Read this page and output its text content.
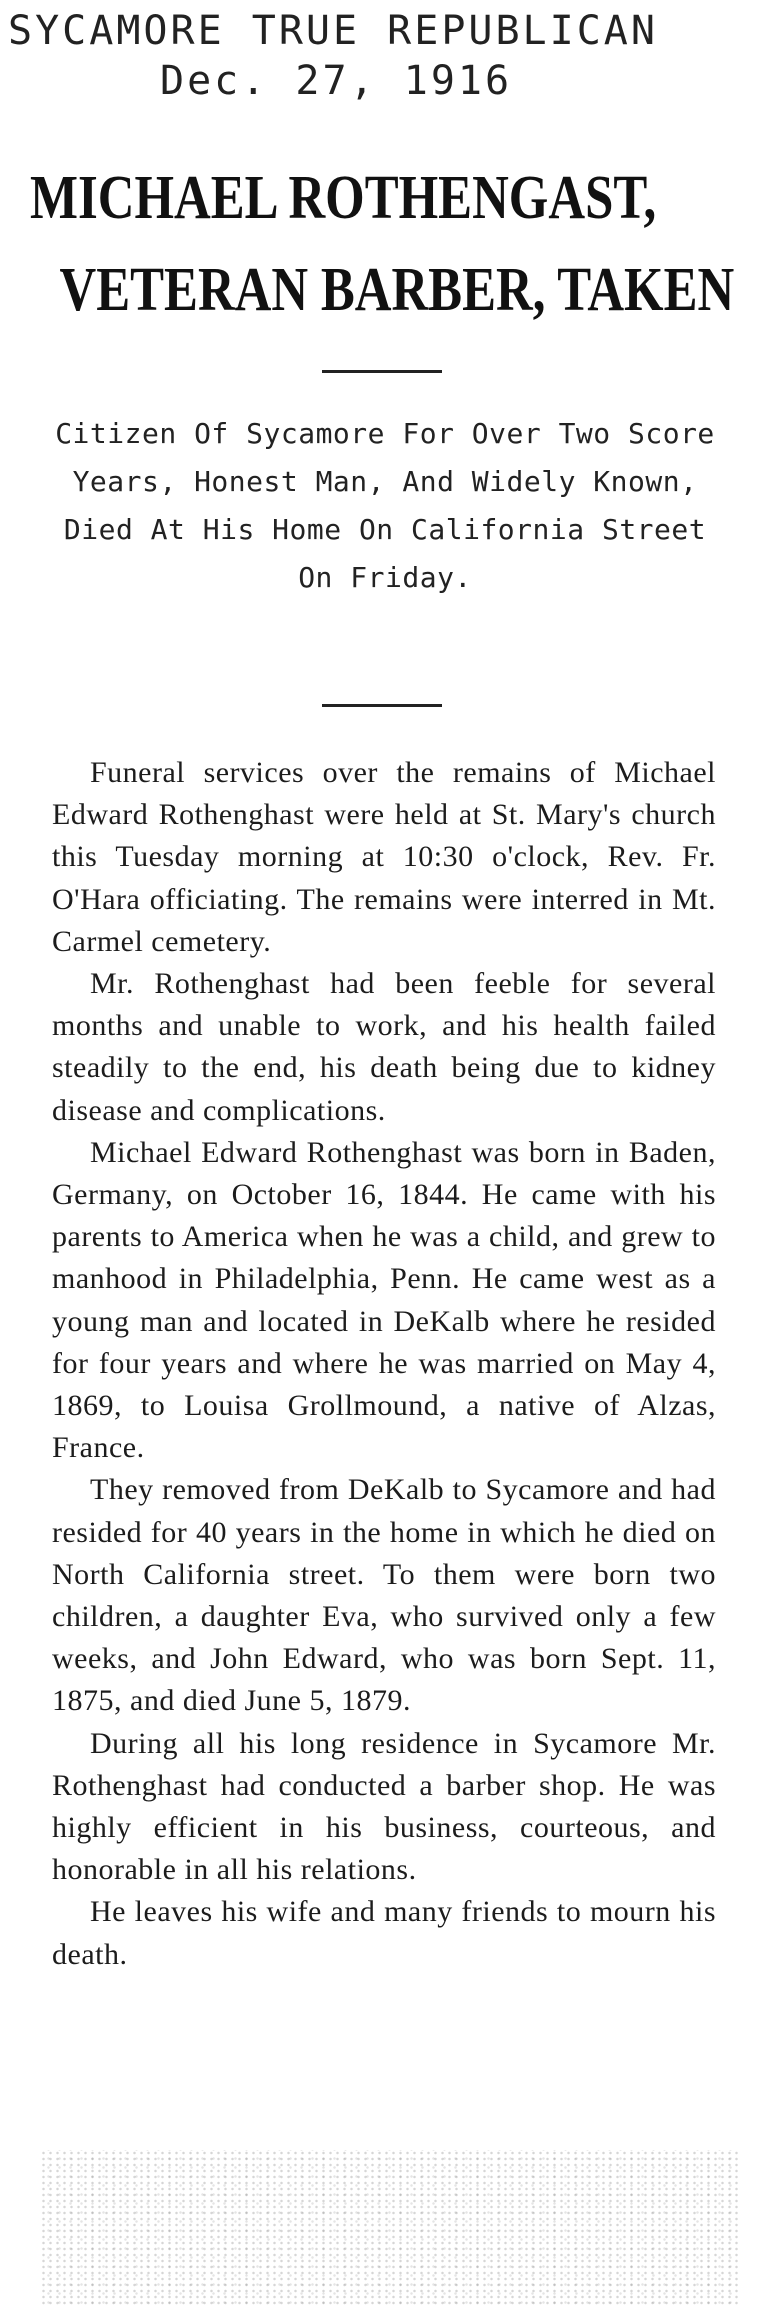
SYCAMORE TRUE REPUBLICAN
Dec. 27, 1916
MICHAEL ROTHENGAST,
VETERAN BARBER, TAKEN
Citizen Of Sycamore For Over Two Score Years, Honest Man, And Widely Known, Died At His Home On California Street On Friday.

Funeral services over the remains of Michael Edward Rothenghast were held at St. Mary's church this Tuesday morning at 10:30 o'clock, Rev. Fr. O'Hara officiating. The remains were interred in Mt. Carmel cemetery.

Mr. Rothenghast had been feeble for several months and unable to work, and his health failed steadily to the end, his death being due to kidney disease and complications.

Michael Edward Rothenghast was born in Baden, Germany, on October 16, 1844. He came with his parents to America when he was a child, and grew to manhood in Philadelphia, Penn. He came west as a young man and located in DeKalb where he resided for four years and where he was married on May 4, 1869, to Louisa Grollmound, a native of Alzas, France.

They removed from DeKalb to Sycamore and had resided for 40 years in the home in which he died on North California street. To them were born two children, a daughter Eva, who survived only a few weeks, and John Edward, who was born Sept. 11, 1875, and died June 5, 1879.

During all his long residence in Sycamore Mr. Rothenghast had conducted a barber shop. He was highly efficient in his business, courteous, and honorable in all his relations.

He leaves his wife and many friends to mourn his death.
